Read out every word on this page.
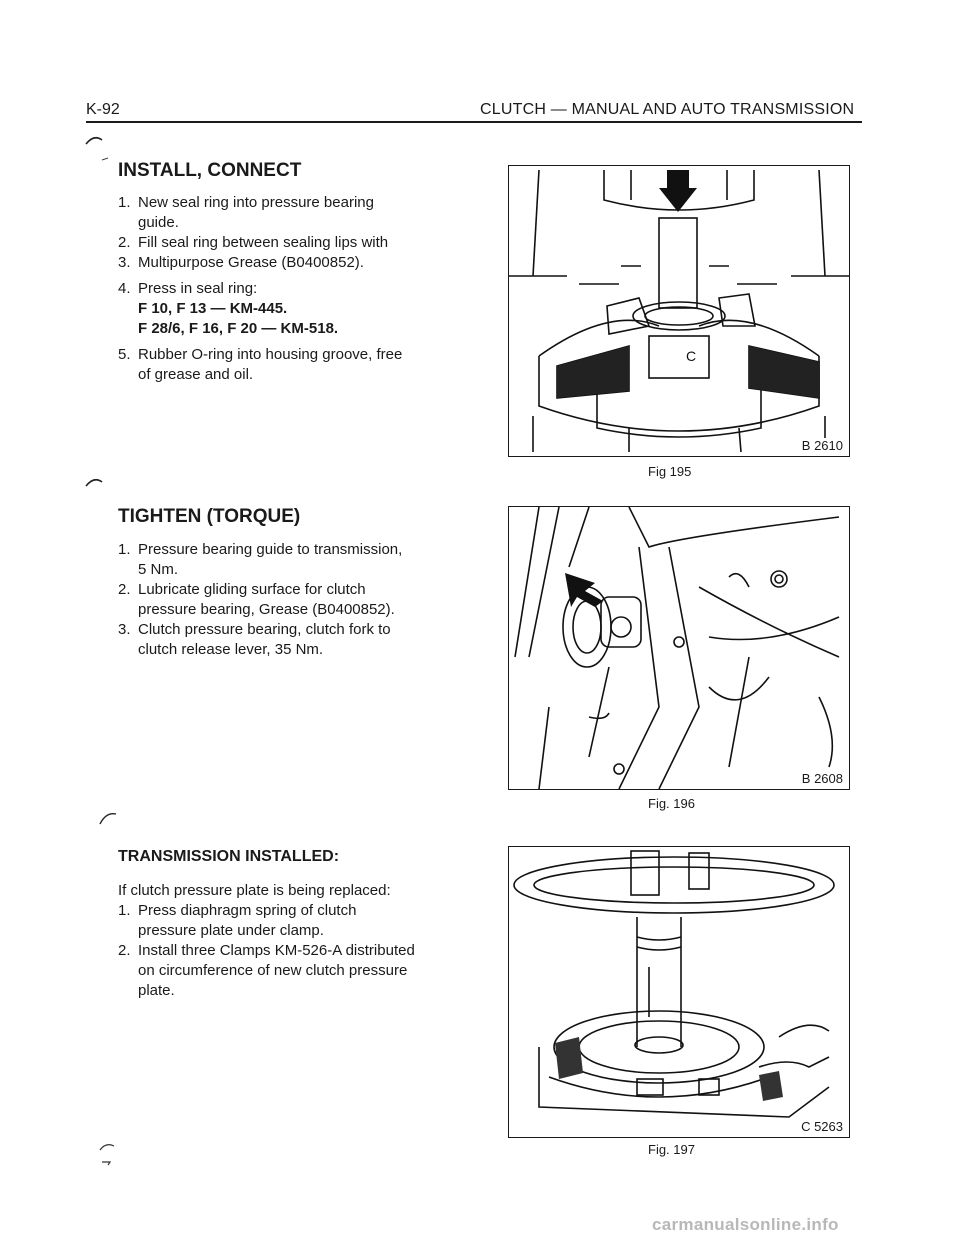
K-92	CLUTCH — MANUAL AND AUTO TRANSMISSION
INSTALL, CONNECT
1. New seal ring into pressure bearing

guide.

2. Fill seal ring between sealing lips with

3. Multipurpose Grease (B0400852).

4. Press in seal ring:

F 10, F 13 — KM-445.

F 28/6, F 16, F 20 — KM-518.

5. Rubber O-ring into housing groove, free

of grease and oil.

TIGHTEN (TORQUE)
1. Pressure bearing guide to transmission,

5 Nm.

2. Lubricate gliding surface for clutch

pressure bearing, Grease (B0400852).

3. Clutch pressure bearing, clutch fork to

clutch release lever, 35 Nm.

TRANSMISSION INSTALLED:

If clutch pressure plate is being replaced:

1. Press diaphragm spring of clutch

pressure plate under clamp.

2. Install three Clamps KM-526-A distributed

on circumference of new clutch pressure

plate.

C
B 2610
Fig 195
B 2608
Fig. 196
C 5263
Fig. 197
carmanualsonline.info
